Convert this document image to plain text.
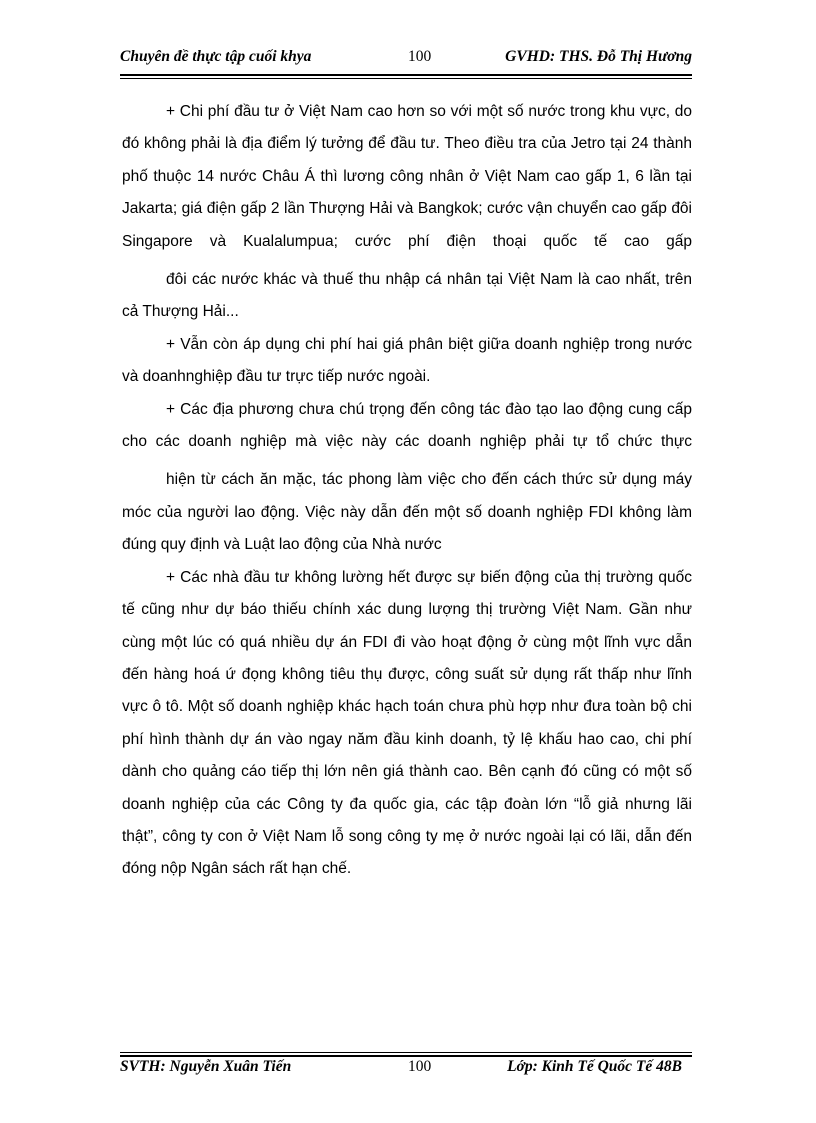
Chuyên đề thực tập cuối khya	100	GVHD: THS. Đỗ Thị Hương

+ Chi phí đầu tư ở Việt Nam cao hơn so với một số nước trong khu vực, do đó không phải là địa điểm lý tưởng để đầu tư. Theo điều tra của Jetro tại 24 thành phố thuộc 14 nước Châu Á thì lương công nhân ở Việt Nam cao gấp 1, 6 lần tại Jakarta; giá điện gấp 2 lần Thượng Hải và Bangkok; cước vận chuyển cao gấp đôi Singapore và Kualalumpua; cước phí điện thoại quốc tế cao gấp

đôi các nước khác và thuế thu nhập cá nhân tại Việt Nam là cao nhất, trên cả Thượng Hải...

+ Vẫn còn áp dụng chi phí hai giá phân biệt giữa doanh nghiệp trong nước và doanhnghiệp đầu tư trực tiếp nước ngoài.

+ Các địa phương chưa chú trọng đến công tác đào tạo lao động cung cấp cho các doanh nghiệp mà việc này các doanh nghiệp phải tự tổ chức thực

hiện từ cách ăn mặc, tác phong làm việc cho đến cách thức sử dụng máy móc của người lao động. Việc này dẫn đến một số doanh nghiệp FDI không làm đúng quy định và Luật lao động của Nhà nước

+ Các nhà đầu tư không lường hết được sự biến động của thị trường quốc tế cũng như dự báo thiếu chính xác dung lượng thị trường Việt Nam. Gần như cùng một lúc có quá nhiều dự án FDI đi vào hoạt động ở cùng một lĩnh vực dẫn đến hàng hoá ứ đọng không tiêu thụ được, công suất sử dụng rất thấp như lĩnh vực ô tô. Một số doanh nghiệp khác hạch toán chưa phù hợp như đưa toàn bộ chi phí hình thành dự án vào ngay năm đầu kinh doanh, tỷ lệ khấu hao cao, chi phí dành cho quảng cáo tiếp thị lớn nên giá thành cao. Bên cạnh đó cũng có một số doanh nghiệp của các Công ty đa quốc gia, các tập đoàn lớn “lỗ giả nhưng lãi thật”, công ty con ở Việt Nam lỗ song công ty mẹ ở nước ngoài lại có lãi, dẫn đến đóng nộp Ngân sách rất hạn chế.

SVTH: Nguyễn Xuân Tiến	100	Lớp: Kinh Tế Quốc Tế 48B
